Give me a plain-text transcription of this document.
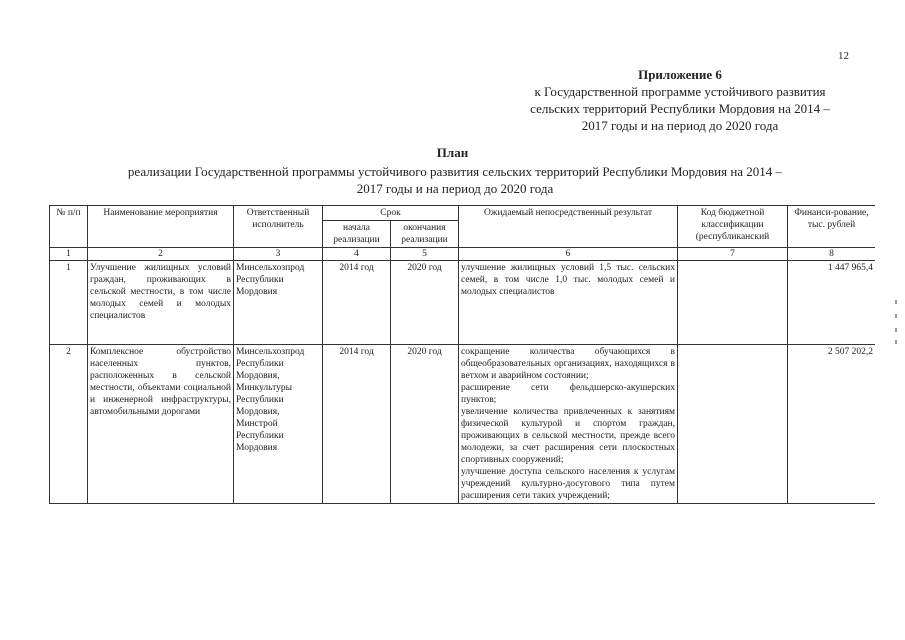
12
Приложение 6
к Государственной программе устойчивого развития
сельских территорий Республики Мордовия на 2014 –
2017 годы и на период до 2020 года
План
реализации Государственной программы устойчивого развития сельских территорий Республики Мордовия на 2014 –
2017 годы и на период до 2020 года
№ п/п	Наименование мероприятия	Ответственный исполнитель	Срок		Ожидаемый непосредственный результат	Код бюджетной классификации (республиканский	Финанси-рование, тыс. рублей
			начала реализации	окончания реализации			
1	2	3	4	5	6	7	8
1	Улучшение жилищных условий граждан, проживающих в сельской местности, в том числе молодых семей и молодых специалистов	Минсельхозпрод Республики Мордовия	2014 год	2020 год	улучшение жилищных условий 1,5 тыс. сельских семей, в том числе 1,0 тыс. молодых семей и молодых специалистов		1 447 965,4
2	Комплексное обустройство населенных пунктов, расположенных в сельской местности, объектами социальной и инженерной инфраструктуры, автомобильными дорогами	Минсельхозпрод Республики Мордовия, Минкультуры Республики Мордовия, Минстрой Республики Мордовия	2014 год	2020 год	сокращение количества обучающихся в общеобразовательных организациях, находящихся в ветхом и аварийном состоянии;
расширение сети фельдшерско-акушерских пунктов;
увеличение количества привлеченных к занятиям физической культурой и спортом граждан, проживающих в сельской местности, прежде всего молодежи, за счет расширения сети плоскостных спортивных сооружений;
улучшение доступа сельского населения к услугам учреждений культурно-досугового типа путем расширения сети таких учреждений;		2 507 202,2
